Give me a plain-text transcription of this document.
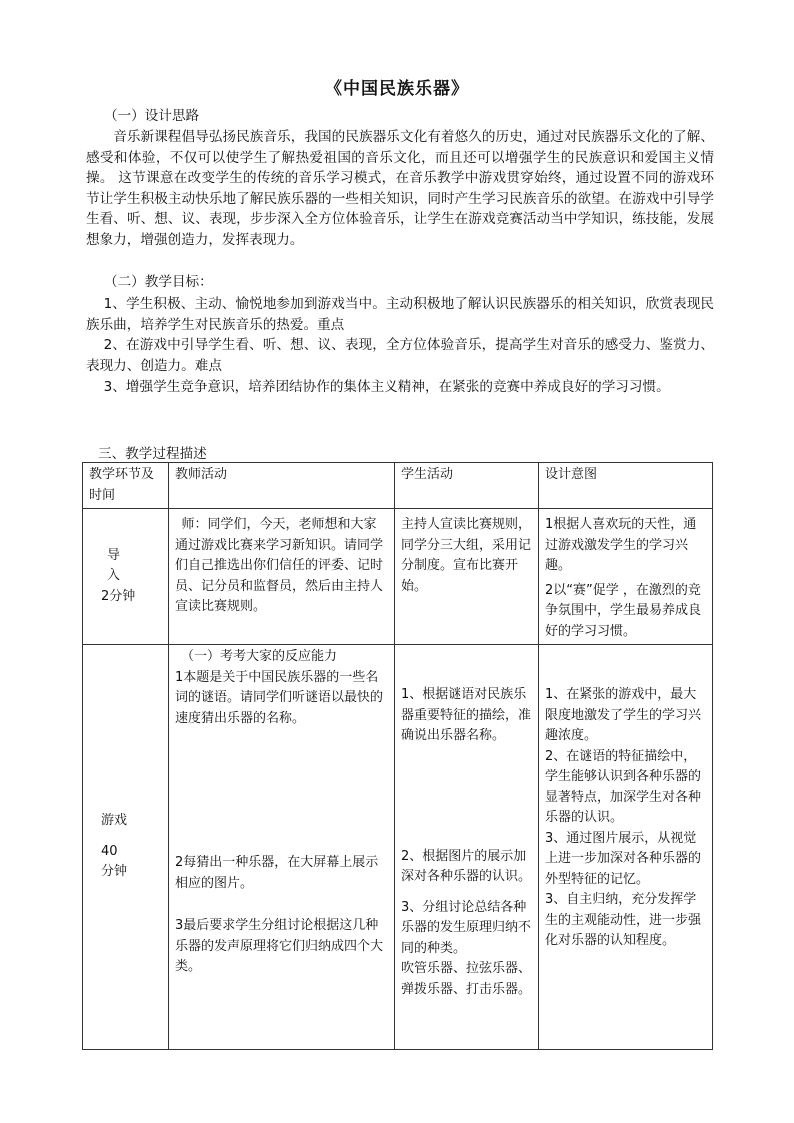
《中国民族乐器》
（一）设计思路
音乐新课程倡导弘扬民族音乐，我国的民族器乐文化有着悠久的历史，通过对民族器乐文化的了解、感受和体验，不仅可以使学生了解热爱祖国的音乐文化，而且还可以增强学生的民族意识和爱国主义情操。 这节课意在改变学生的传统的音乐学习模式，在音乐教学中游戏贯穿始终，通过设置不同的游戏环节让学生积极主动快乐地了解民族乐器的一些相关知识，同时产生学习民族音乐的欲望。在游戏中引导学生看、听、想、议、表现，步步深入全方位体验音乐，让学生在游戏竞赛活动当中学知识，练技能，发展想象力，增强创造力，发挥表现力。
（二）教学目标：
1、学生积极、主动、愉悦地参加到游戏当中。主动积极地了解认识民族器乐的相关知识，欣赏表现民族乐曲，培养学生对民族音乐的热爱。重点
2、在游戏中引导学生看、听、想、议、表现，全方位体验音乐，提高学生对音乐的感受力、鉴赏力、表现力、创造力。难点
3、增强学生竞争意识，培养团结协作的集体主义精神，在紧张的竞赛中养成良好的学习习惯。
三、教学过程描述
教学环节及时间	教师活动	学生活动	设计意图

导
入
2分钟	师：同学们，今天，老师想和大家通过游戏比赛来学习新知识。请同学们自己推选出你们信任的评委、记时员、记分员和监督员，然后由主持人宣读比赛规则。	主持人宣读比赛规则，同学分三大组，采用记分制度。宣布比赛开始。	1根据人喜欢玩的天性，通过游戏激发学生的学习兴趣。
2以“赛”促学 ，在激烈的竞争氛围中，学生最易养成良好的学习习惯。

游戏
40
分钟	（一）考考大家的反应能力
1本题是关于中国民族乐器的一些名词的谜语。请同学们听谜语以最快的速度猜出乐器的名称。
2每猜出一种乐器，在大屏幕上展示相应的图片。
3最后要求学生分组讨论根据这几种乐器的发声原理将它们归纳成四个大类。	1、根据谜语对民族乐器重要特征的描绘，准确说出乐器名称。
2、根据图片的展示加深对各种乐器的认识。
3、分组讨论总结各种乐器的发生原理归纳不同的种类。
吹管乐器、拉弦乐器、弹拨乐器、打击乐器。	1、在紧张的游戏中，最大限度地激发了学生的学习兴趣浓度。
2、在谜语的特征描绘中，学生能够认识到各种乐器的显著特点，加深学生对各种乐器的认识。
3、通过图片展示，从视觉上进一步加深对各种乐器的外型特征的记忆。
3、自主归纳，充分发挥学生的主观能动性，进一步强化对乐器的认知程度。
